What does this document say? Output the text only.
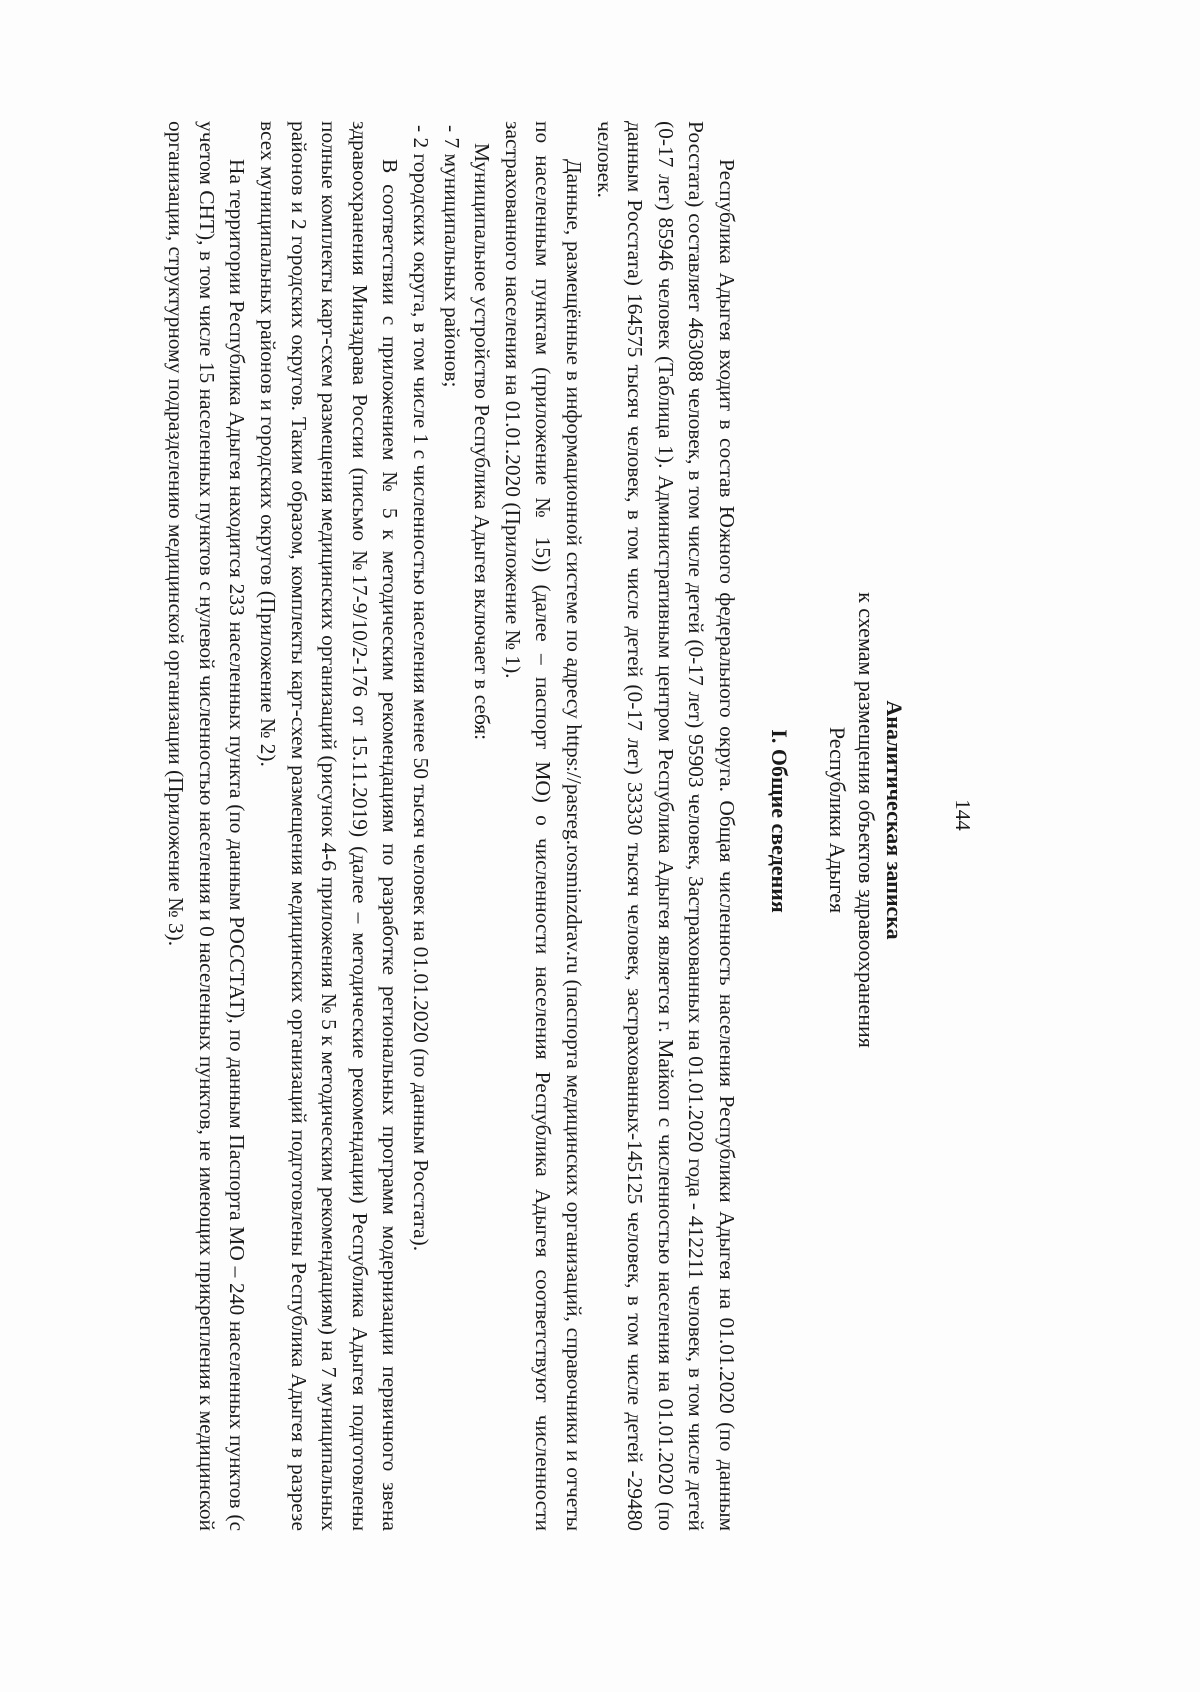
144
Аналитическая записка
к схемам размещения объектов здравоохранения
Республики Адыгея
I. Общие сведения

Республика Адыгея входит в состав Южного федерального округа. Общая численность населения Республики Адыгея на 01.01.2020 (по данным Росстата) составляет 463088 человек, в том числе детей (0-17 лет) 95903 человек, Застрахованных на 01.01.2020 года - 412211 человек, в том числе детей (0-17 лет) 85946 человек (Таблица 1). Административным центром Республика Адыгея является г. Майкоп с численностью населения на 01.01.2020 (по данным Росстата) 164575 тысяч человек, в том числе детей (0-17 лет) 33330 тысяч человек, застрахованных-145125 человек, в том числе детей -29480 человек.

Данные, размещённые в информационной системе по адресу https://pasreg.rosminzdrav.ru (паспорта медицинских организаций, справочники и отчеты по населенным пунктам (приложение № 15)) (далее – паспорт МО) о численности населения Республика Адыгея соответствуют численности застрахованного населения на 01.01.2020 (Приложение № 1).

Муниципальное устройство Республика Адыгея включает в себя:

- 7 муниципальных районов;

- 2 городских округа, в том числе 1 с численностью населения менее 50 тысяч человек на 01.01.2020 (по данным Росстата).

В соответствии с приложением № 5 к методическим рекомендациям по разработке региональных программ модернизации первичного звена здравоохранения Минздрава России (письмо №17-9/10/2-176 от 15.11.2019) (далее – методические рекомендации) Республика Адыгея подготовлены полные комплекты карт-схем размещения медицинских организаций (рисунок 4-6 приложения № 5 к методическим рекомендациям) на 7 муниципальных районов и 2 городских округов. Таким образом, комплекты карт-схем размещения медицинских организаций подготовлены Республика Адыгея в разрезе всех муниципальных районов и городских округов (Приложение № 2).

На территории Республика Адыгея находится 233 населенных пункта (по данным РОССТАТ), по данным Паспорта МО – 240 населенных пунктов (с учетом СНТ), в том числе 15 населенных пунктов с нулевой численностью населения и 0 населенных пунктов, не имеющих прикрепления к медицинской организации, структурному подразделению медицинской организации (Приложение № 3).
